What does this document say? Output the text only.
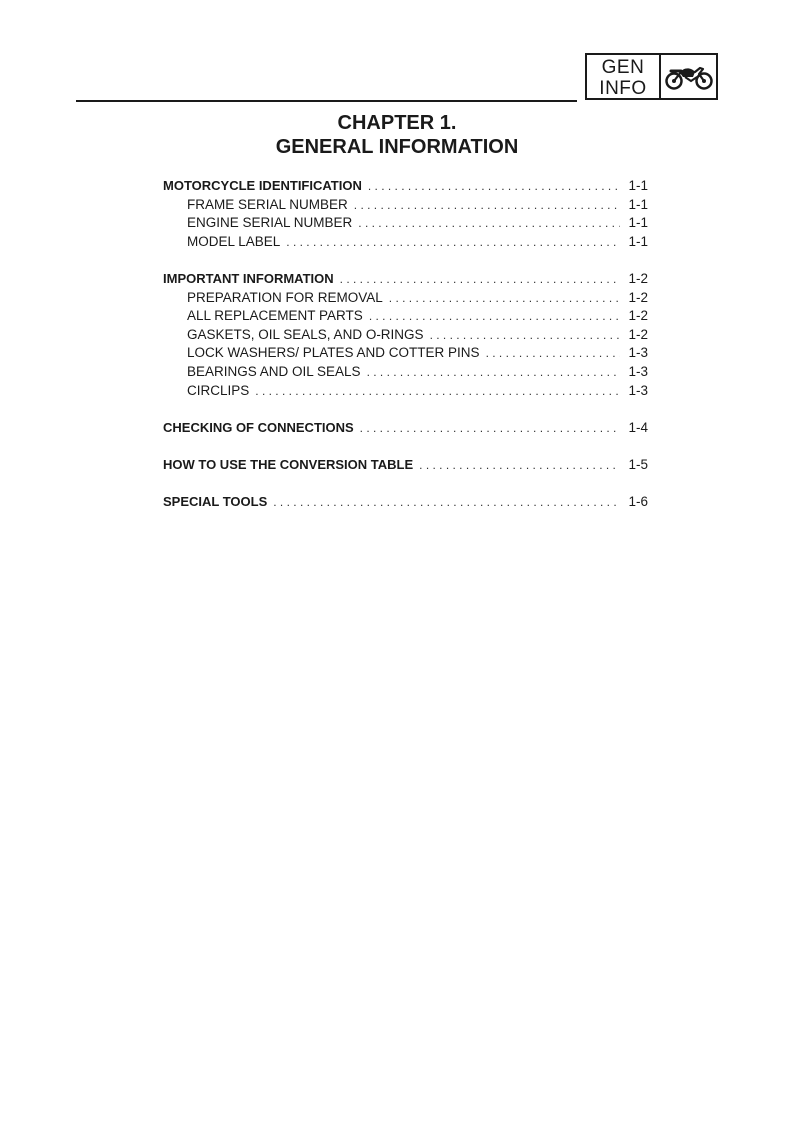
GEN
INFO
CHAPTER 1.
GENERAL INFORMATION
MOTORCYCLE IDENTIFICATION . . .	1-1
FRAME SERIAL NUMBER . . .	1-1
ENGINE SERIAL NUMBER . . .	1-1
MODEL LABEL . . .	1-1
IMPORTANT INFORMATION . . .	1-2
PREPARATION FOR REMOVAL . . .	1-2
ALL REPLACEMENT PARTS . . .	1-2
GASKETS, OIL SEALS, AND O-RINGS . . .	1-2
LOCK WASHERS/ PLATES AND COTTER PINS . . .	1-3
BEARINGS AND OIL SEALS . . .	1-3
CIRCLIPS . . .	1-3
CHECKING OF CONNECTIONS . . .	1-4
HOW TO USE THE CONVERSION TABLE . . .	1-5
SPECIAL TOOLS . . .	1-6
